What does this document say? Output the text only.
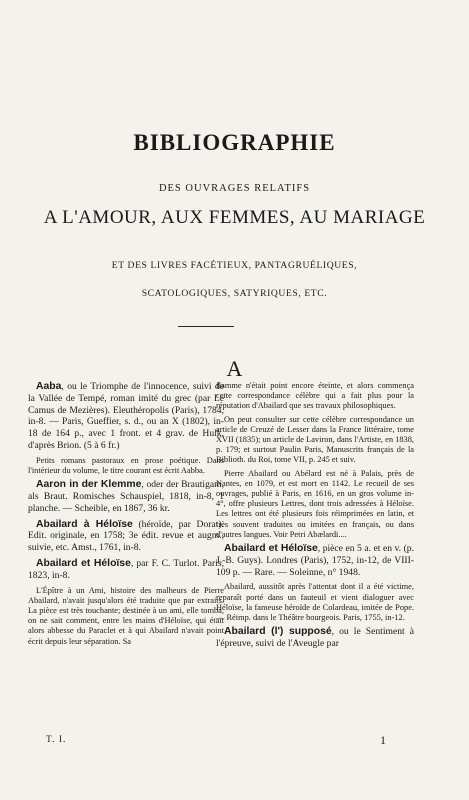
BIBLIOGRAPHIE
DES OUVRAGES RELATIFS
A L'AMOUR, AUX FEMMES, AU MARIAGE
ET DES LIVRES FACÉTIEUX, PANTAGRUÉLIQUES,
SCATOLOGIQUES, SATYRIQUES, ETC.
A

Aaba, ou le Triomphe de l'innocence, suivi de la Vallée de Tempé, roman imité du grec (par Le Camus de Mezières). Eleuthéropolis (Paris), 1784, in-8. — Paris, Gueffier, s. d., ou an X (1802), in-18 de 164 p., avec 1 front. et 4 grav. de Hulk, d'après Brion. (5 à 6 fr.)

Petits romans pastoraux en prose poétique. Dans l'intérieur du volume, le titre courant est écrit Aabba.

Aaron in der Klemme, oder der Brautigam, als Braut. Romisches Schauspiel, 1818, in-8, 1 planche. — Scheible, en 1867, 36 kr.

Abailard à Héloïse (héroïde, par Dorat). Edit. originale, en 1758; 3e édit. revue et augm., suivie, etc. Amst., 1761, in-8.

Abailard et Héloïse, par F. C. Turlot. Paris, 1823, in-8.

L'Épître à un Ami, histoire des malheurs de Pierre Abailard, n'avait jusqu'alors été traduite que par extraits. La pièce est très touchante; destinée à un ami, elle tomba, on ne sait comment, entre les mains d'Héloïse, qui était alors abbesse du Paraclet et à qui Abailard n'avait point écrit depuis leur séparation. Sa

flamme n'était point encore éteinte, et alors commença cette correspondance célèbre qui a fait plus pour la réputation d'Abailard que ses travaux philosophiques.

On peut consulter sur cette célèbre correspondance un article de Creuzé de Lesser dans la France littéraire, tome XVII (1835); un article de Laviron, dans l'Artiste, en 1838, p. 179; et surtout Paulin Paris, Manuscrits français de la Biblioth. du Roi, tome VII, p. 245 et suiv.

Pierre Abailard ou Abélard est né à Palais, près de Nantes, en 1079, et est mort en 1142. Le recueil de ses ouvrages, publié à Paris, en 1616, en un gros volume in-4°, offre plusieurs Lettres, dont trois adressées à Héloïse. Les lettres ont été plusieurs fois réimprimées en latin, et très souvent traduites ou imitées en français, ou dans d'autres langues. Voir Petri Abælardi....

Abailard et Héloïse, pièce en 5 a. et en v. (p. J.-B. Guys). Londres (Paris), 1752, in-12, de VIII-109 p. — Rare. — Soleinne, n° 1948.

Abailard, aussitôt après l'attentat dont il a été victime, reparaît porté dans un fauteuil et vient dialoguer avec Héloïse, la fameuse héroïde de Colardeau, imitée de Pope. — Réimp. dans le Théâtre bourgeois. Paris, 1755, in-12.

Abailard (l') supposé, ou le Sentiment à l'épreuve, suivi de l'Aveugle par

T. I.	1
